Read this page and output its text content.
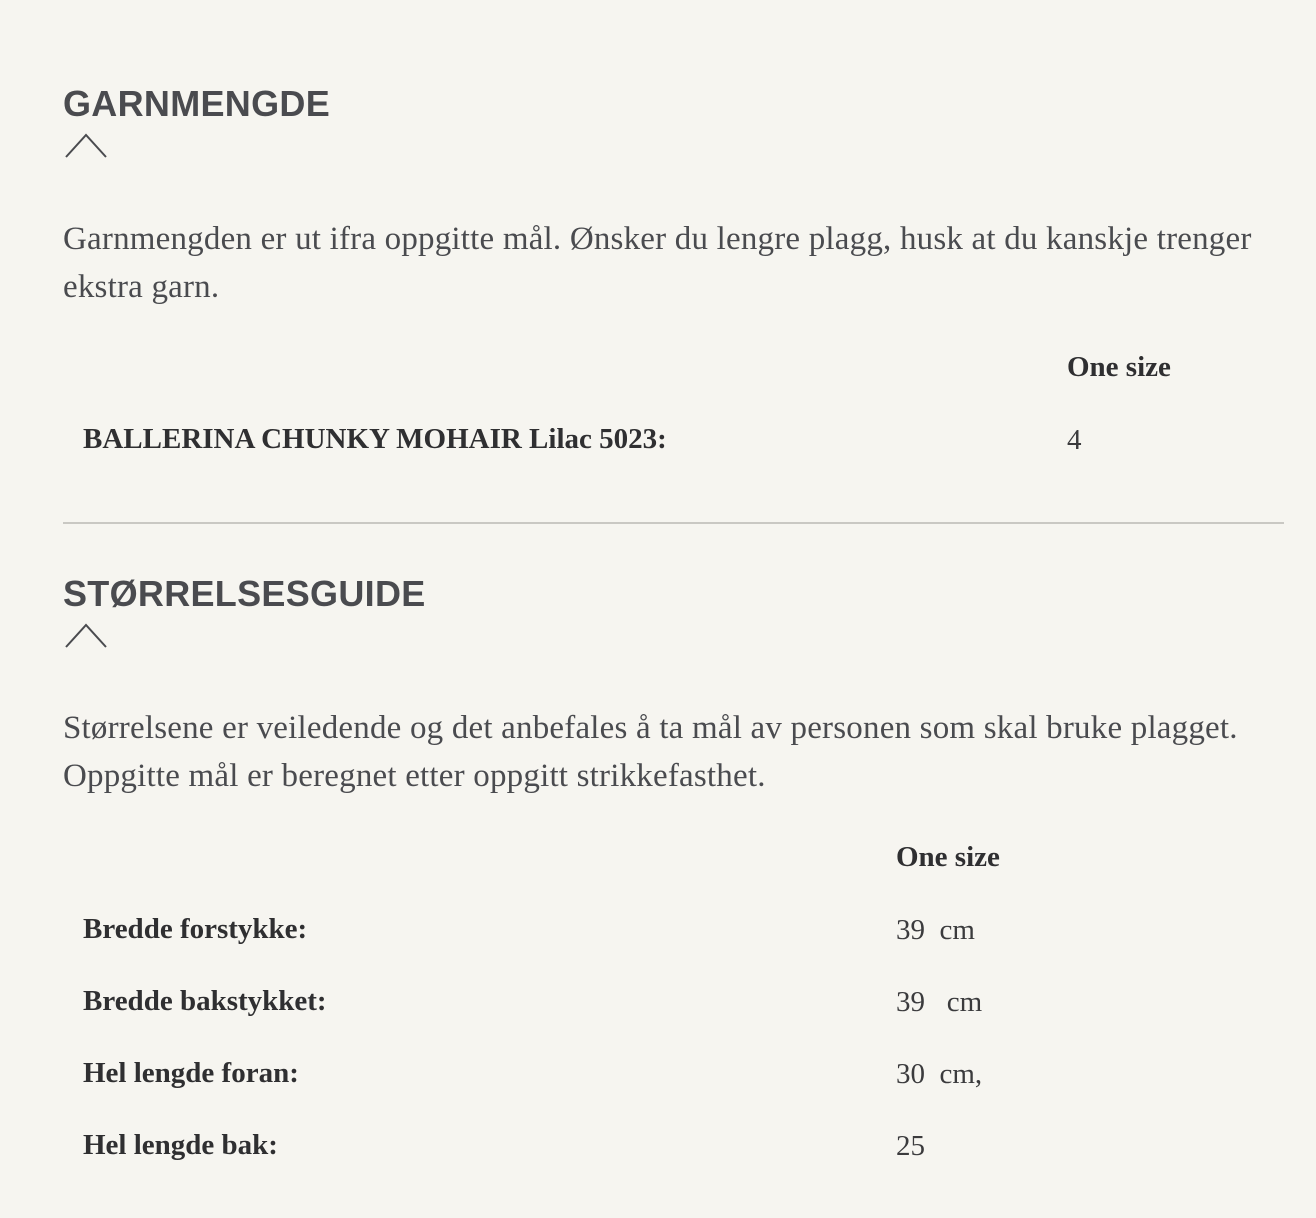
GARNMENGDE

Garnmengden er ut ifra oppgitte mål. Ønsker du lengre plagg, husk at du kanskje trenger ekstra garn.

One size
BALLERINA CHUNKY MOHAIR Lilac 5023:	4
STØRRELSESGUIDE

Størrelsene er veiledende og det anbefales å ta mål av personen som skal bruke plagget. Oppgitte mål er beregnet etter oppgitt strikkefasthet.

One size
Bredde forstykke:	39  cm
Bredde bakstykket:	39   cm
Hel lengde foran:	30  cm,
Hel lengde bak:	25
